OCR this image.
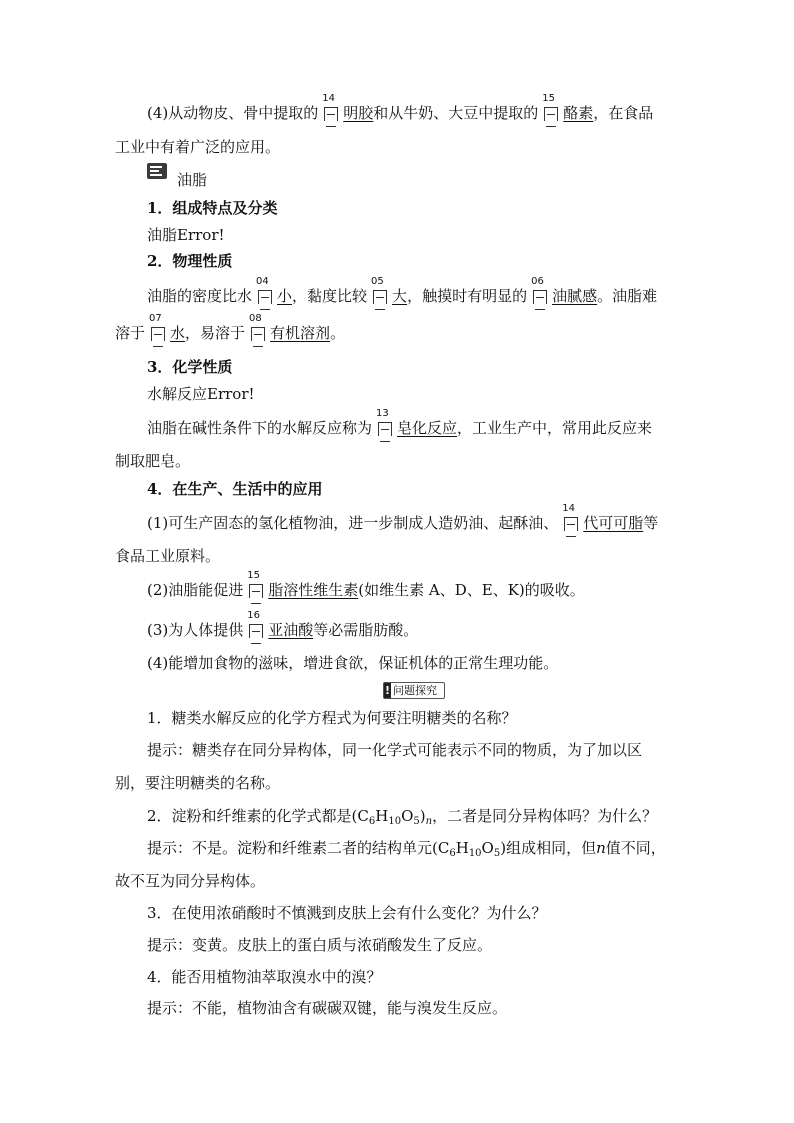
(4)从动物皮、骨中提取的
14
明胶和从牛奶、大豆中提取的
15
酪素，在食品
工业中有着广泛的应用。
油脂
1．组成特点及分类
油脂Error!
2．物理性质
油脂的密度比水
04
小，黏度比较
05
大，触摸时有明显的
06
油腻感。油脂难
溶于
07
水，易溶于
08
有机溶剂。
3．化学性质
水解反应Error!
油脂在碱性条件下的水解反应称为
13
皂化反应，工业生产中，常用此反应来
制取肥皂。
4．在生产、生活中的应用
(1)可生产固态的氢化植物油，进一步制成人造奶油、起酥油、
14
代可可脂等
食品工业原料。
(2)油脂能促进
15
脂溶性维生素(如维生素 A、D、E、K)的吸收。
(3)为人体提供
16
亚油酸等必需脂肪酸。
(4)能增加食物的滋味，增进食欲，保证机体的正常生理功能。
! 问题探究
1．糖类水解反应的化学方程式为何要注明糖类的名称？
提示：糖类存在同分异构体，同一化学式可能表示不同的物质，为了加以区
别，要注明糖类的名称。
2．淀粉和纤维素的化学式都是$(C_6H_{10}O_5)_n$，二者是同分异构体吗？为什么？
提示：不是。淀粉和纤维素二者的结构单元$(C_6H_{10}O_5)$组成相同，但n值不同，
故不互为同分异构体。
3．在使用浓硝酸时不慎溅到皮肤上会有什么变化？为什么？
提示：变黄。皮肤上的蛋白质与浓硝酸发生了反应。
4．能否用植物油萃取溴水中的溴？
提示：不能，植物油含有碳碳双键，能与溴发生反应。
